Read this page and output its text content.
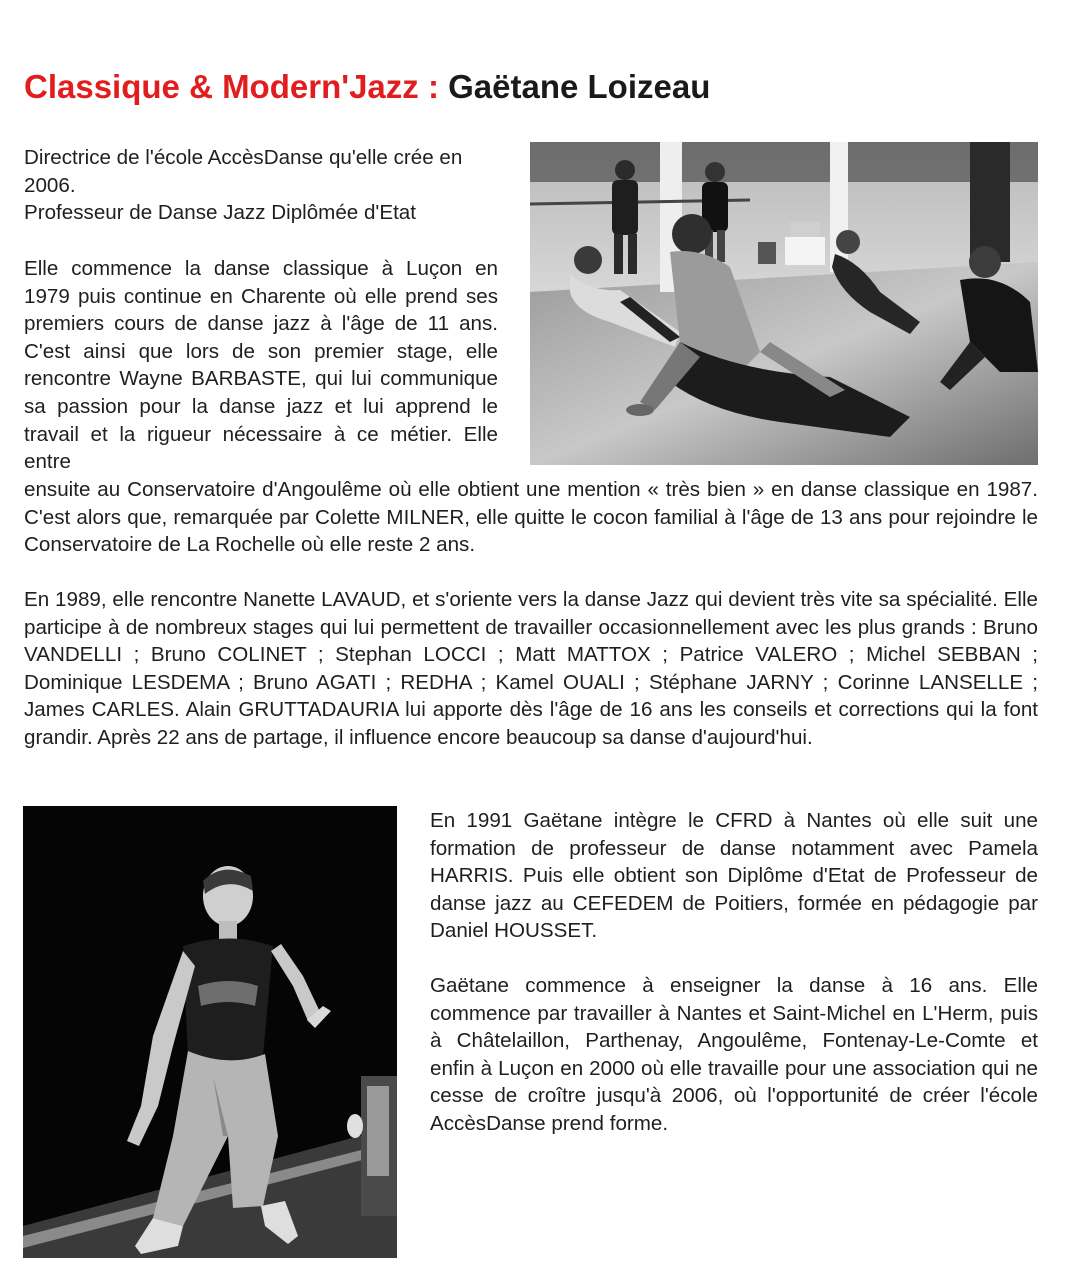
Classique & Modern'Jazz : Gaëtane Loizeau

Directrice de l'école AccèsDanse qu'elle crée en 2006.

Professeur de Danse Jazz Diplômée d'Etat

Elle commence la danse classique à Luçon en 1979 puis continue en Charente où elle prend ses premiers cours de danse jazz à l'âge de 11 ans. C'est ainsi que lors de son premier stage, elle rencontre Wayne BARBASTE, qui lui communique sa passion pour la danse jazz et lui apprend le travail et la rigueur nécessaire à ce métier. Elle entre

ensuite au Conservatoire d'Angoulême où elle obtient une mention « très bien » en danse classique en 1987. C'est alors que, remarquée par Colette MILNER, elle quitte le cocon familial à l'âge de 13 ans pour rejoindre le Conservatoire de La Rochelle où elle reste 2 ans.

En 1989, elle rencontre Nanette LAVAUD, et s'oriente vers la danse Jazz qui devient très vite sa spécialité. Elle participe à de nombreux stages qui lui permettent de travailler occasionnellement avec les plus grands : Bruno VANDELLI ; Bruno COLINET ; Stephan LOCCI ; Matt MATTOX ; Patrice VALERO ; Michel SEBBAN ; Dominique LESDEMA ; Bruno AGATI ; REDHA ; Kamel OUALI ; Stéphane JARNY ; Corinne LANSELLE ; James CARLES. Alain GRUTTADAURIA lui apporte dès l'âge de 16 ans les conseils et corrections qui la font grandir. Après 22 ans de partage, il influence encore beaucoup sa danse d'aujourd'hui.

En 1991 Gaëtane intègre le CFRD à Nantes où elle suit une formation de professeur de danse notamment avec Pamela HARRIS. Puis elle obtient son Diplôme d'Etat de Professeur de danse jazz au CEFEDEM de Poitiers, formée en pédagogie par Daniel HOUSSET.

Gaëtane commence à enseigner la danse à 16 ans. Elle commence par travailler à Nantes et Saint-Michel en L'Herm, puis à Châtelaillon, Parthenay, Angoulême, Fontenay-Le-Comte et enfin à Luçon en 2000 où elle travaille pour une association qui ne cesse de croître jusqu'à 2006, où l'opportunité de créer l'école AccèsDanse prend forme.
